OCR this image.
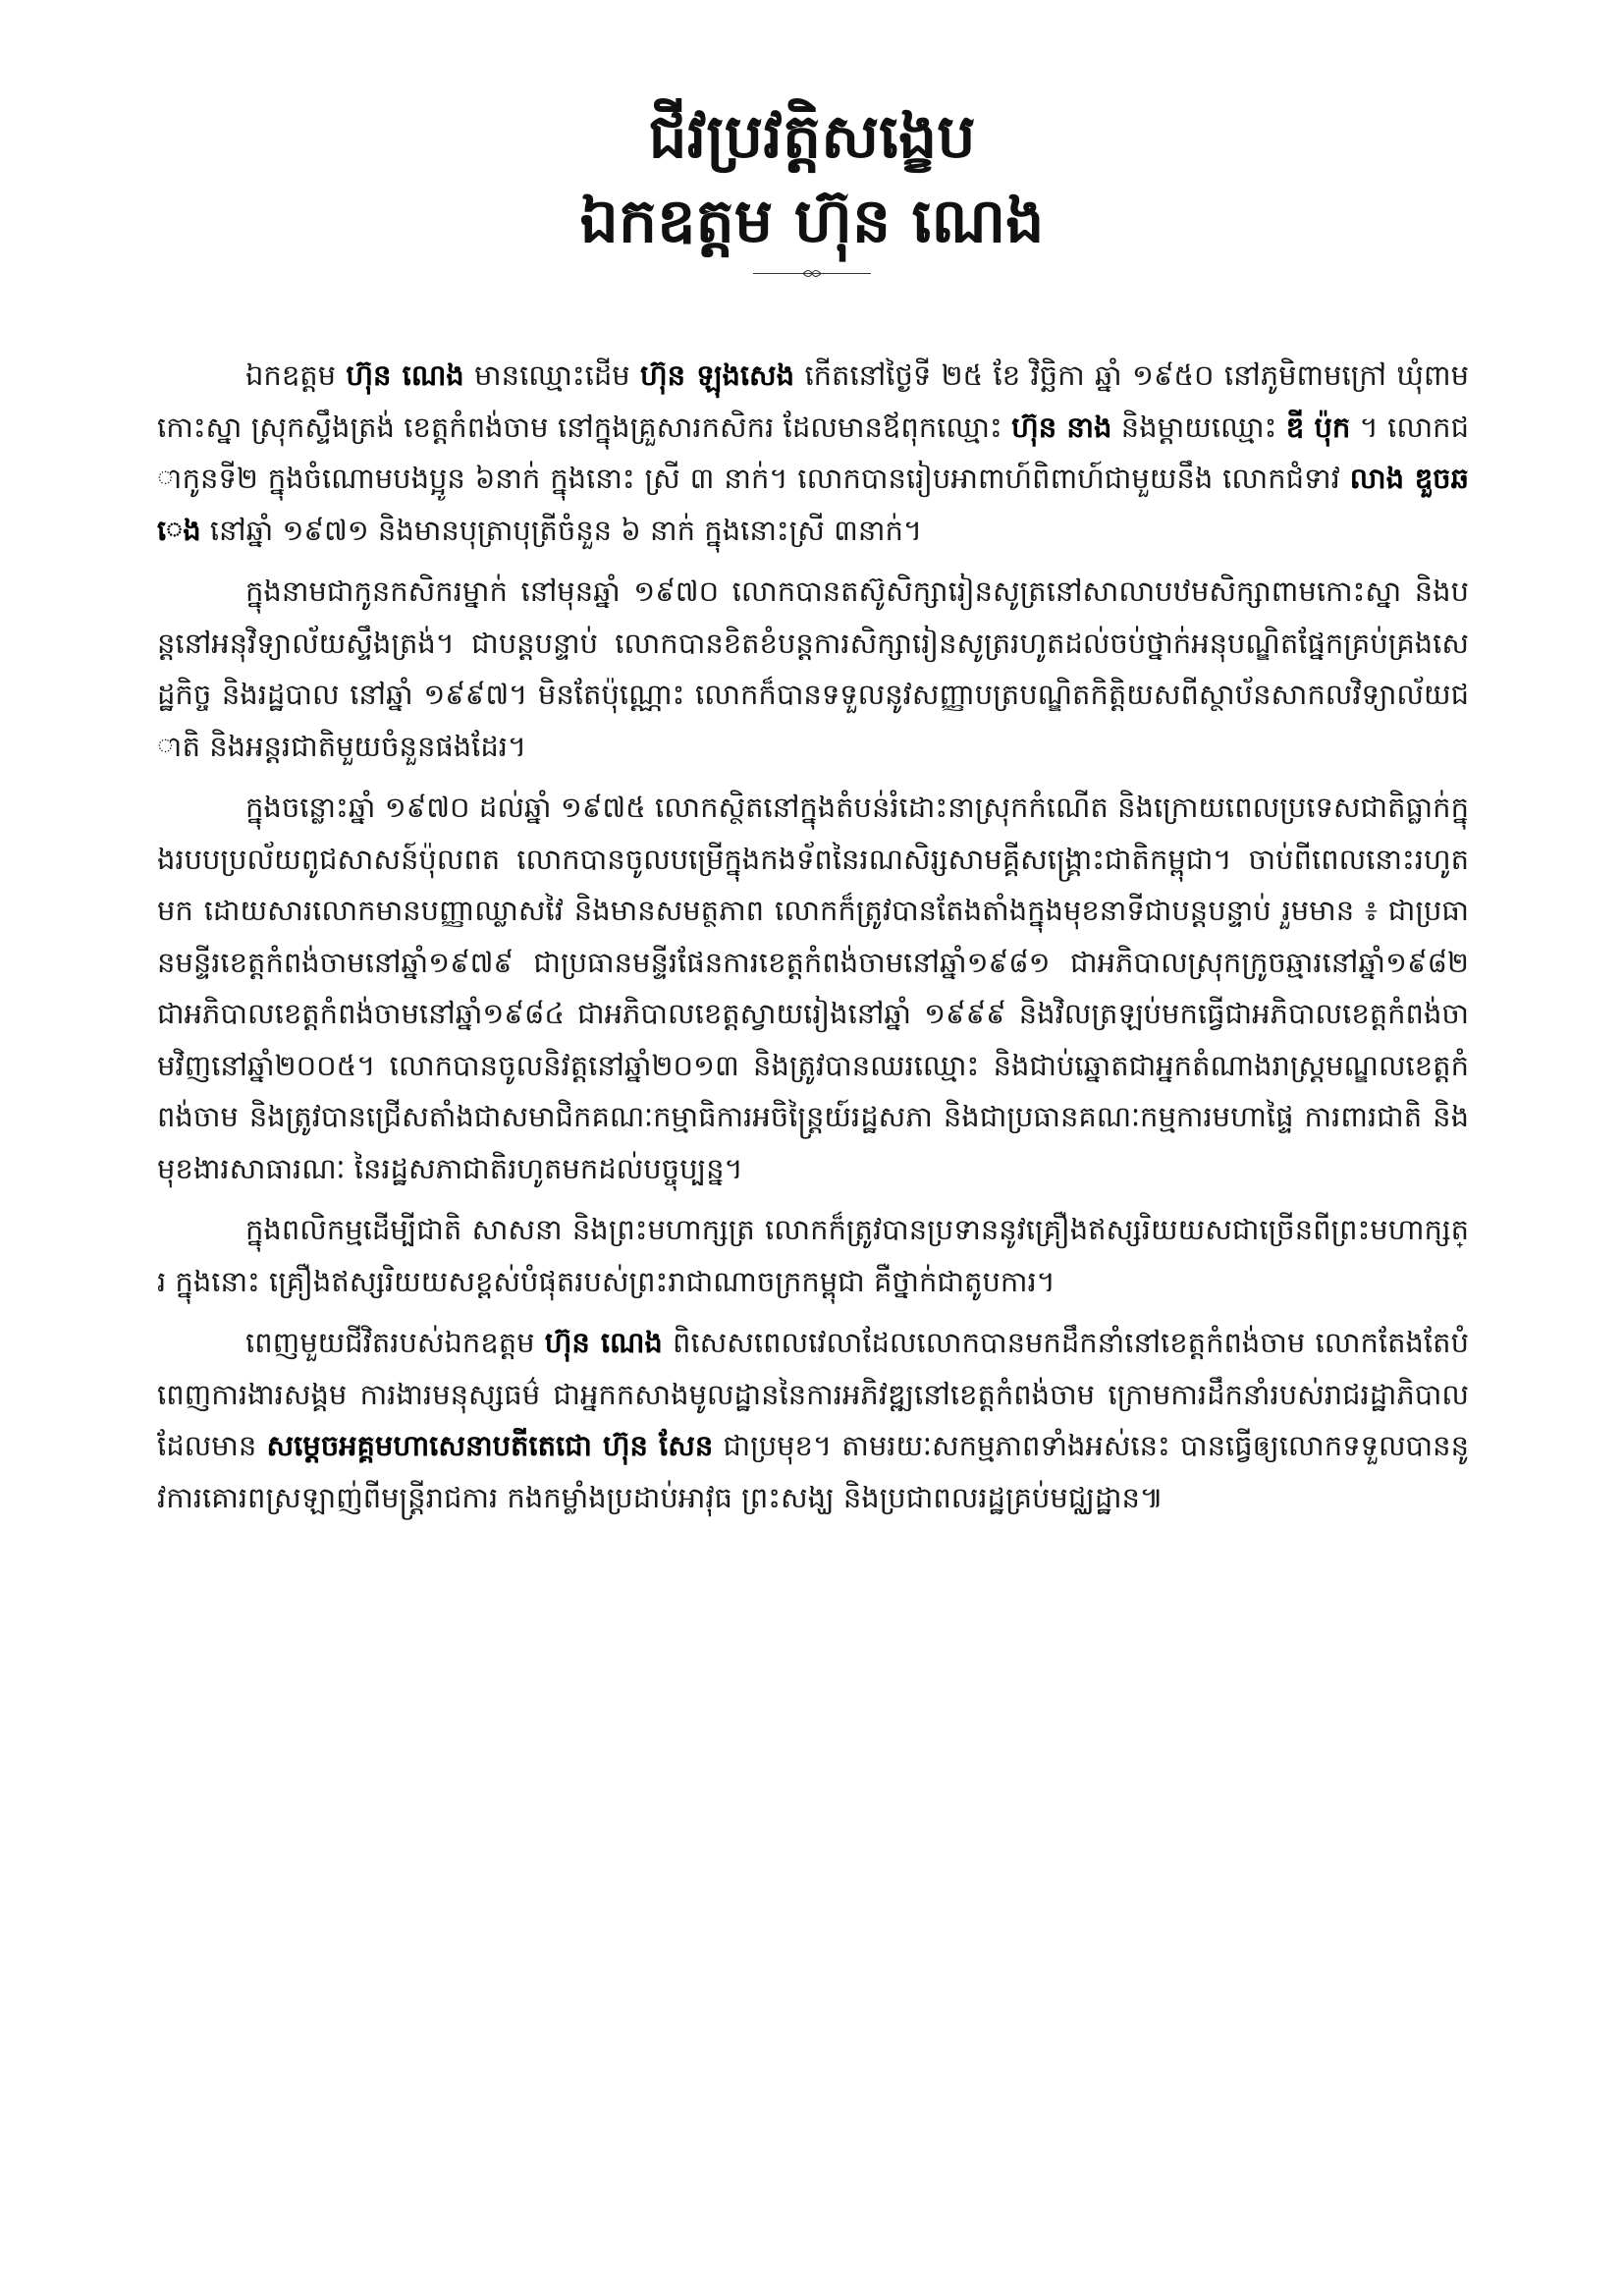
ជីវប្រវត្តិសង្ខេប
ឯកឧត្តម ហ៊ុន ណេង

ឯកឧត្តម ហ៊ុន ណេង មានឈ្មោះដើម ហ៊ុន ឡុងសេង កើតនៅថ្ងៃទី ២៥ ខែ វិច្ឆិកា ឆ្នាំ ១៩៥០ នៅភូមិពាមក្រៅ ឃុំពាមកោះស្នា ស្រុកស្ទឹងត្រង់ ខេត្តកំពង់ចាម នៅក្នុងគ្រួសារកសិករ ដែលមានឪពុកឈ្មោះ ហ៊ុន នាង និងម្តាយឈ្មោះ ឌី ប៉ុក ។ លោកជាកូនទី២ ក្នុងចំណោមបងប្អូន ៦នាក់ ក្នុងនោះ ស្រី ៣ នាក់។ លោកបានរៀបអាពាហ៍ពិពាហ៍ជាមួយនឹង លោកជំទាវ លាង ឌួចឆេង នៅឆ្នាំ ១៩៧១ និងមានបុត្រាបុត្រីចំនួន ៦ នាក់ ក្នុងនោះស្រី ៣នាក់។

ក្នុងនាមជាកូនកសិករម្នាក់ នៅមុនឆ្នាំ ១៩៧០ លោកបានតស៊ូសិក្សារៀនសូត្រនៅសាលាបឋមសិក្សាពាមកោះស្នា និងបន្តនៅអនុវិទ្យាល័យស្ទឹងត្រង់។ ជាបន្តបន្ទាប់ លោកបានខិតខំបន្តការសិក្សារៀនសូត្ររហូតដល់ចប់ថ្នាក់អនុបណ្ឌិតផ្នែកគ្រប់គ្រងសេដ្ឋកិច្ច និងរដ្ឋបាល នៅឆ្នាំ ១៩៩៧។ មិនតែប៉ុណ្ណោះ លោកក៏បានទទួលនូវសញ្ញាបត្របណ្ឌិតកិត្តិយសពីស្ថាប័នសាកលវិទ្យាល័យជាតិ និងអន្តរជាតិមួយចំនួនផងដែរ។

ក្នុងចន្លោះឆ្នាំ ១៩៧០ ដល់ឆ្នាំ ១៩៧៥ លោកស្ថិតនៅក្នុងតំបន់រំដោះនាស្រុកកំណើត និងក្រោយពេលប្រទេសជាតិធ្លាក់ក្នុងរបបប្រល័យពូជសាសន៍ប៉ុលពត លោកបានចូលបម្រើក្នុងកងទ័ពនៃរណសិរ្សសាមគ្គីសង្គ្រោះជាតិកម្ពុជា។ ចាប់ពីពេលនោះរហូតមក ដោយសារលោកមានបញ្ញាឈ្លាសវៃ និងមានសមត្ថភាព លោកក៏ត្រូវបានតែងតាំងក្នុងមុខនាទីជាបន្តបន្ទាប់ រួមមាន ៖ ជាប្រធានមន្ទីរខេត្តកំពង់ចាមនៅឆ្នាំ១៩៧៩ ជាប្រធានមន្ទីរផែនការខេត្តកំពង់ចាមនៅឆ្នាំ១៩៨១ ជាអភិបាលស្រុកក្រូចឆ្មារនៅឆ្នាំ១៩៨២ ជាអភិបាលខេត្តកំពង់ចាមនៅឆ្នាំ១៩៨៤ ជាអភិបាលខេត្តស្វាយរៀងនៅឆ្នាំ ១៩៩៩ និងវិលត្រឡប់មកធ្វើជាអភិបាលខេត្តកំពង់ចាមវិញនៅឆ្នាំ២០០៥។ លោកបានចូលនិវត្តនៅឆ្នាំ២០១៣ និងត្រូវបានឈរឈ្មោះ និងជាប់ឆ្នោតជាអ្នកតំណាងរាស្ត្រមណ្ឌលខេត្តកំពង់ចាម និងត្រូវបានជ្រើសតាំងជាសមាជិកគណៈកម្មាធិការអចិន្ត្រៃយ៍រដ្ឋសភា និងជាប្រធានគណៈកម្មការមហាផ្ទៃ ការពារជាតិ និងមុខងារសាធារណៈ នៃរដ្ឋសភាជាតិរហូតមកដល់បច្ចុប្បន្ន។

ក្នុងពលិកម្មដើម្បីជាតិ សាសនា និងព្រះមហាក្សត្រ លោកក៏ត្រូវបានប្រទាននូវគ្រឿងឥស្សរិយយសជាច្រើនពីព្រះមហាក្សត្រ ក្នុងនោះ គ្រឿងឥស្សរិយយសខ្ពស់បំផុតរបស់ព្រះរាជាណាចក្រកម្ពុជា គឺថ្នាក់ជាតូបការ។

ពេញមួយជីវិតរបស់ឯកឧត្តម ហ៊ុន ណេង ពិសេសពេលវេលាដែលលោកបានមកដឹកនាំនៅខេត្តកំពង់ចាម លោកតែងតែបំពេញការងារសង្គម ការងារមនុស្សធម៌ ជាអ្នកកសាងមូលដ្ឋាននៃការអភិវឌ្ឍនៅខេត្តកំពង់ចាម ក្រោមការដឹកនាំរបស់រាជរដ្ឋាភិបាល ដែលមាន សម្តេចអគ្គមហាសេនាបតីតេជោ ហ៊ុន សែន ជាប្រមុខ។ តាមរយៈសកម្មភាពទាំងអស់នេះ បានធ្វើឲ្យលោកទទួលបាននូវការគោរពស្រឡាញ់ពីមន្ត្រីរាជការ កងកម្លាំងប្រដាប់អាវុធ ព្រះសង្ឃ និងប្រជាពលរដ្ឋគ្រប់មជ្ឈដ្ឋាន៕
